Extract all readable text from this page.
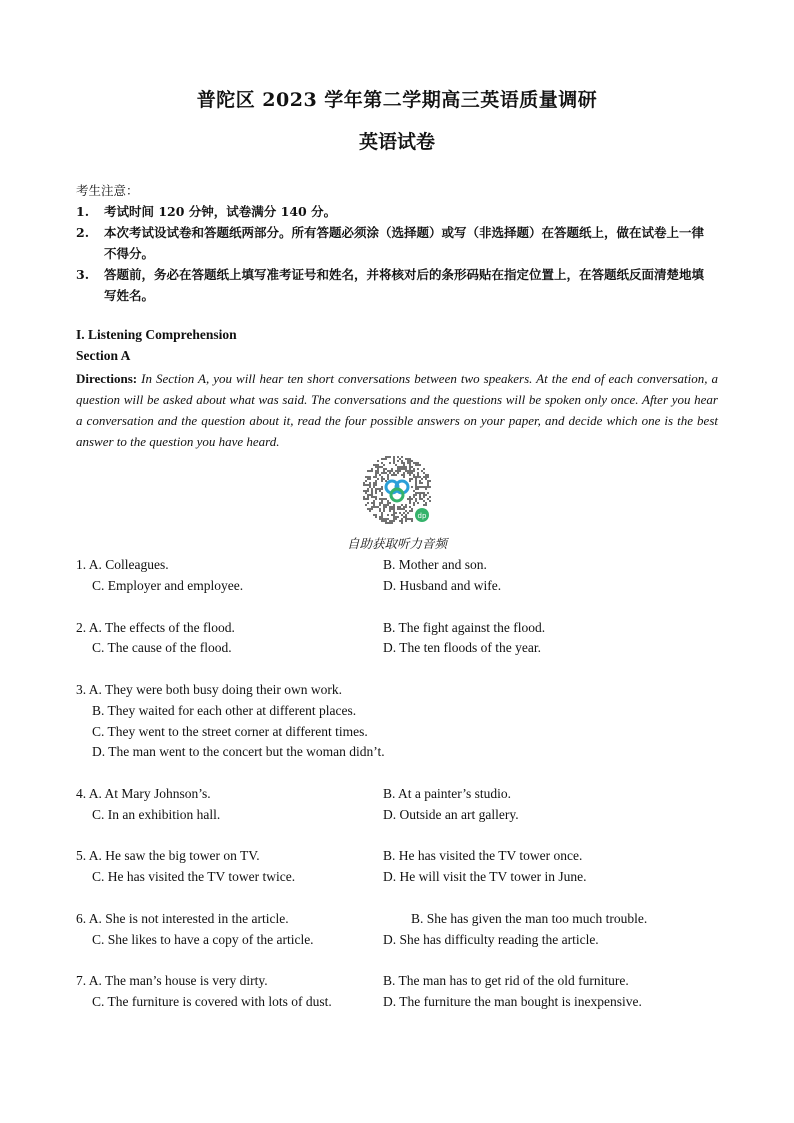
普陀区 2023 学年第二学期高三英语质量调研
英语试卷
考生注意：
1. 考试时间 120 分钟，试卷满分 140 分。
2. 本次考试设试卷和答题纸两部分。所有答题必须涂（选择题）或写（非选择题）在答题纸上，做在试卷上一律不得分。
3. 答题前，务必在答题纸上填写准考证号和姓名，并将核对后的条形码贴在指定位置上，在答题纸反面清楚地填写姓名。
I. Listening Comprehension
Section A
Directions: In Section A, you will hear ten short conversations between two speakers. At the end of each conversation, a question will be asked about what was said. The conversations and the questions will be spoken only once. After you hear a conversation and the question about it, read the four possible answers on your paper, and decide which one is the best answer to the question you have heard.
dp
自助获取听力音频
1. A. Colleagues.	B. Mother and son.
C. Employer and employee.	D. Husband and wife.
2. A. The effects of the flood.	B. The fight against the flood.
C. The cause of the flood.	D. The ten floods of the year.
3. A. They were both busy doing their own work.
B. They waited for each other at different places.
C. They went to the street corner at different times.
D. The man went to the concert but the woman didn’t.
4. A. At Mary Johnson’s.	B. At a painter’s studio.
C. In an exhibition hall.	D. Outside an art gallery.
5. A. He saw the big tower on TV.	B. He has visited the TV tower once.
C. He has visited the TV tower twice.	D. He will visit the TV tower in June.
6. A. She is not interested in the article.	B. She has given the man too much trouble.
C. She likes to have a copy of the article.	D. She has difficulty reading the article.
7. A. The man’s house is very dirty.	B. The man has to get rid of the old furniture.
C. The furniture is covered with lots of dust.	D. The furniture the man bought is inexpensive.
